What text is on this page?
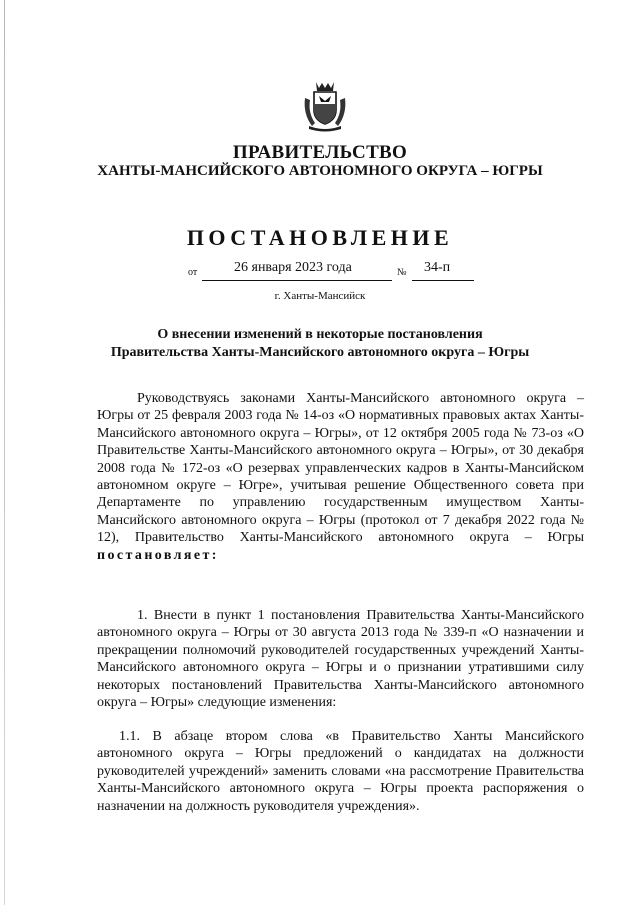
ПРАВИТЕЛЬСТВО
ХАНТЫ-МАНСИЙСКОГО АВТОНОМНОГО ОКРУГА – ЮГРЫ
ПОСТАНОВЛЕНИЕ
от	26 января 2023 года	№ 34-п
г. Ханты-Мансийск
О внесении изменений в некоторые постановления
Правительства Ханты-Мансийского автономного округа – Югры
Руководствуясь законами Ханты-Мансийского автономного округа – Югры от 25 февраля 2003 года № 14-оз «О нормативных правовых актах Ханты-Мансийского автономного округа – Югры», от 12 октября 2005 года № 73-оз «О Правительстве Ханты-Мансийского автономного округа – Югры», от 30 декабря 2008 года № 172-оз «О резервах управленческих кадров в Ханты-Мансийском автономном округе – Югре», учитывая решение Общественного совета при Департаменте по управлению государственным имуществом Ханты-Мансийского автономного округа – Югры (протокол от 7 декабря 2022 года № 12), Правительство Ханты-Мансийского автономного округа – Югры постановляет:
1. Внести в пункт 1 постановления Правительства Ханты-Мансийского автономного округа – Югры от 30 августа 2013 года № 339-п «О назначении и прекращении полномочий руководителей государственных учреждений Ханты-Мансийского автономного округа – Югры и о признании утратившими силу некоторых постановлений Правительства Ханты-Мансийского автономного округа – Югры» следующие изменения:
1.1. В абзаце втором слова «в Правительство Ханты Мансийского автономного округа – Югры предложений о кандидатах на должности руководителей учреждений» заменить словами «на рассмотрение Правительства Ханты-Мансийского автономного округа – Югры проекта распоряжения о назначении на должность руководителя учреждения».
